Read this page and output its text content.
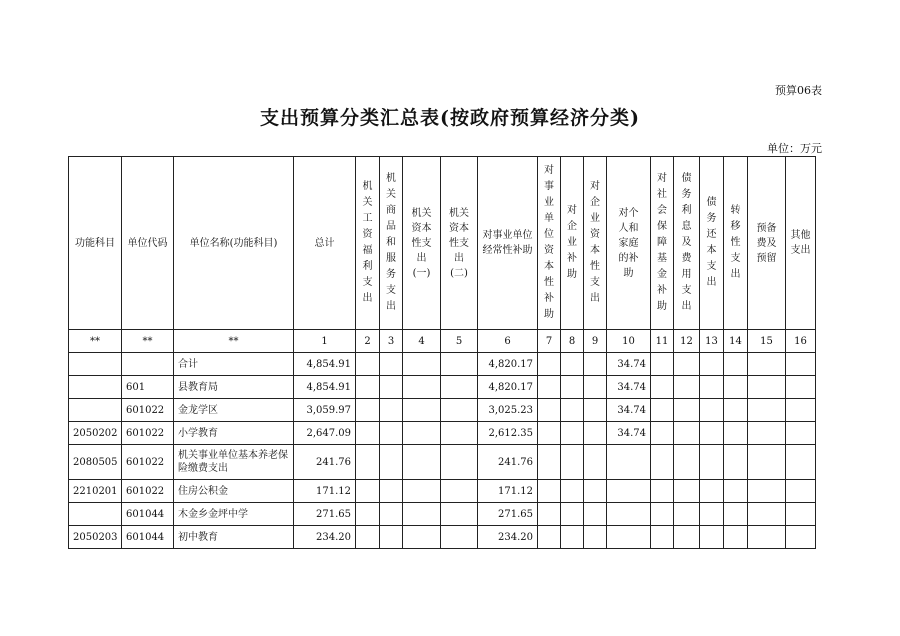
预算06表
支出预算分类汇总表(按政府预算经济分类)
单位：万元
功能科目	单位代码	单位名称(功能科目)	总计	机关工资福利支出	机关商品和服务支出	机关资本性支出(一)	机关资本性支出(二)	对事业单位经常性补助	对事业单位资本性补助	对企业补助	对企业资本性支出	对个人和家庭的补助	对社会保障基金补助	债务利息及费用支出	债务还本支出	转移性支出	预备费及预留	其他支出

**	**	**	1	2	3	4	5	6	7	8	9	10	11	12	13	14	15	16
		合计	4,854.91					4,820.17				34.74						
	601	县教育局	4,854.91					4,820.17				34.74						
	601022	金龙学区	3,059.97					3,025.23				34.74						
2050202	601022	小学教育	2,647.09					2,612.35				34.74						
2080505	601022	机关事业单位基本养老保险缴费支出	241.76					241.76										
2210201	601022	住房公积金	171.12					171.12										
	601044	木金乡金坪中学	271.65					271.65										
2050203	601044	初中教育	234.20					234.20										
